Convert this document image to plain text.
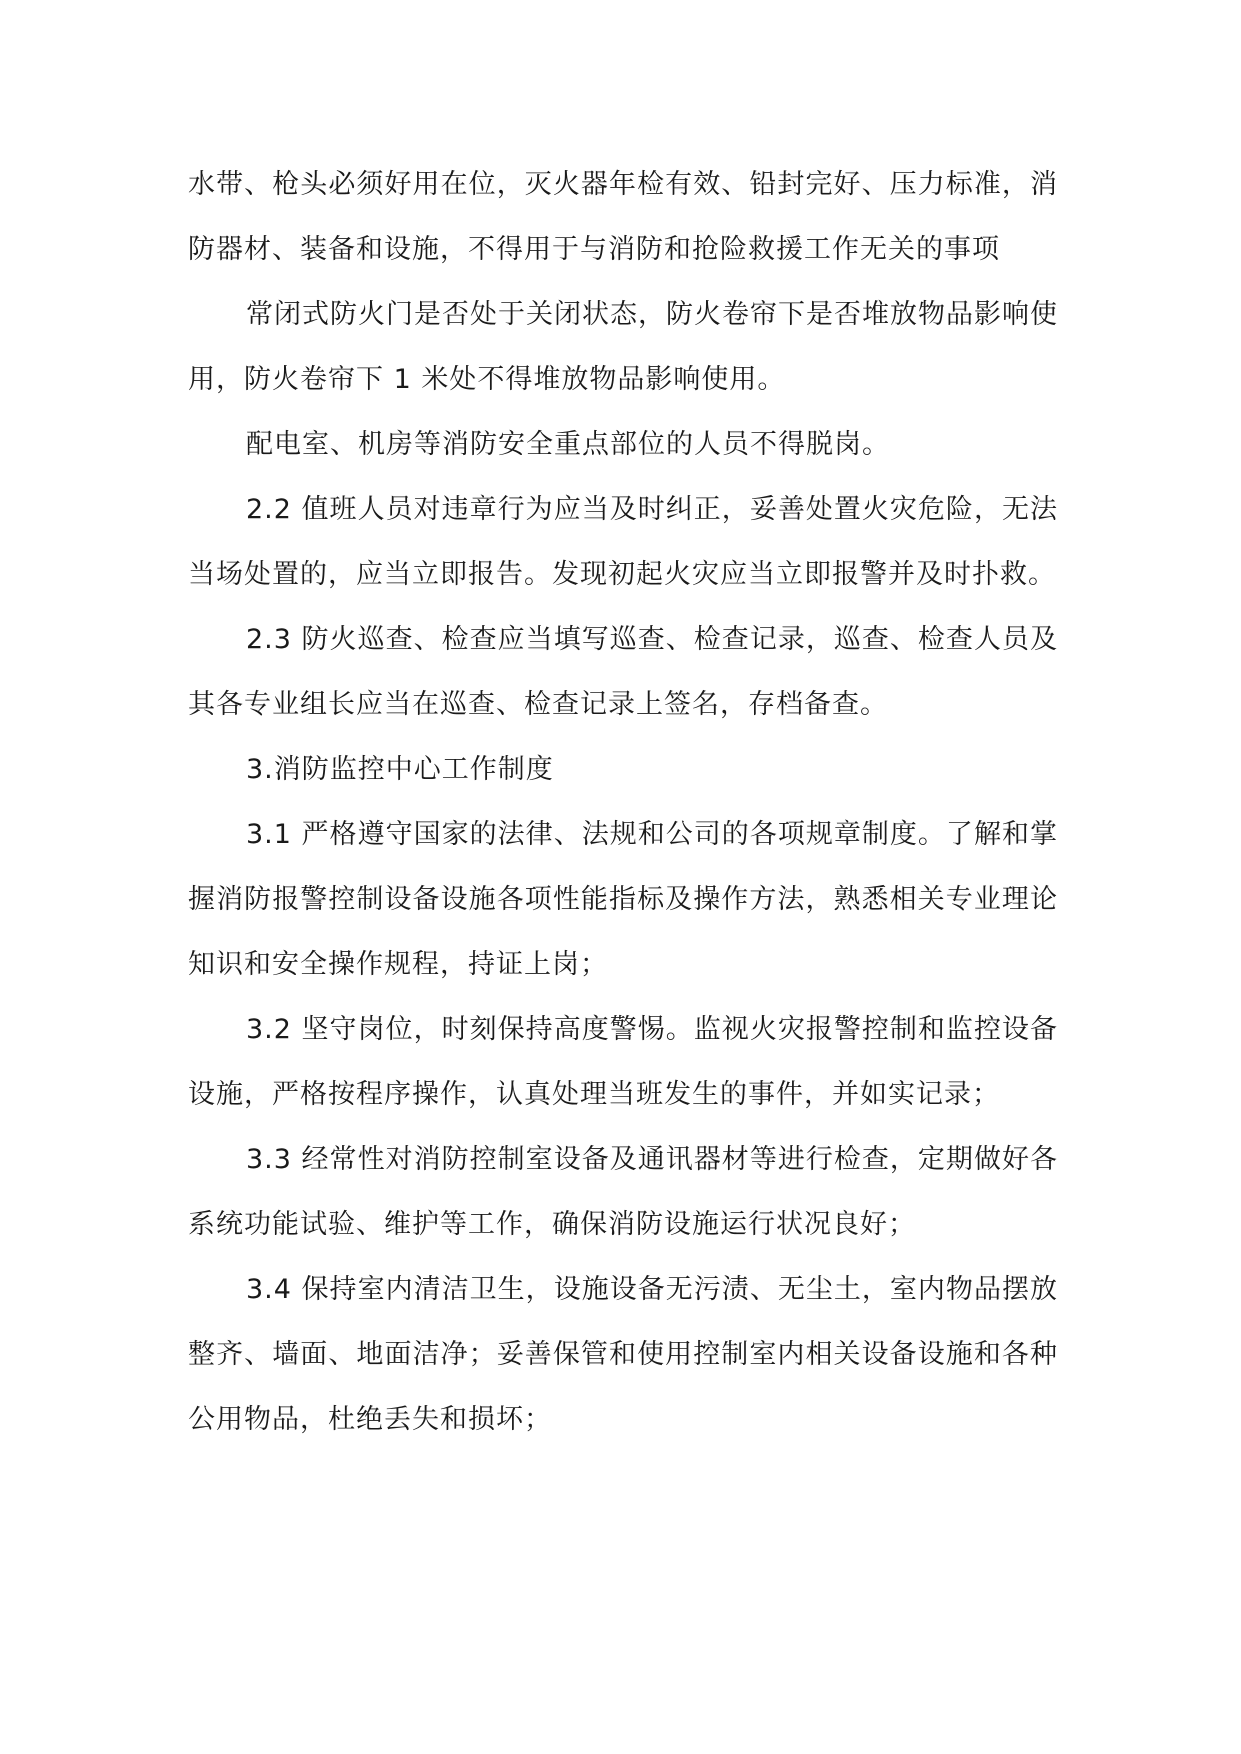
水带、枪头必须好用在位，灭火器年检有效、铅封完好、压力标准，消防器材、装备和设施，不得用于与消防和抢险救援工作无关的事项

常闭式防火门是否处于关闭状态，防火卷帘下是否堆放物品影响使用，防火卷帘下 1 米处不得堆放物品影响使用。

配电室、机房等消防安全重点部位的人员不得脱岗。

2.2 值班人员对违章行为应当及时纠正，妥善处置火灾危险，无法当场处置的，应当立即报告。发现初起火灾应当立即报警并及时扑救。

2.3 防火巡查、检查应当填写巡查、检查记录，巡查、检查人员及其各专业组长应当在巡查、检查记录上签名，存档备查。

3.消防监控中心工作制度

3.1 严格遵守国家的法律、法规和公司的各项规章制度。了解和掌握消防报警控制设备设施各项性能指标及操作方法，熟悉相关专业理论知识和安全操作规程，持证上岗；

3.2 坚守岗位，时刻保持高度警惕。监视火灾报警控制和监控设备设施，严格按程序操作，认真处理当班发生的事件，并如实记录；

3.3 经常性对消防控制室设备及通讯器材等进行检查，定期做好各系统功能试验、维护等工作，确保消防设施运行状况良好；

3.4 保持室内清洁卫生，设施设备无污渍、无尘土，室内物品摆放整齐、墙面、地面洁净；妥善保管和使用控制室内相关设备设施和各种公用物品，杜绝丢失和损坏；
